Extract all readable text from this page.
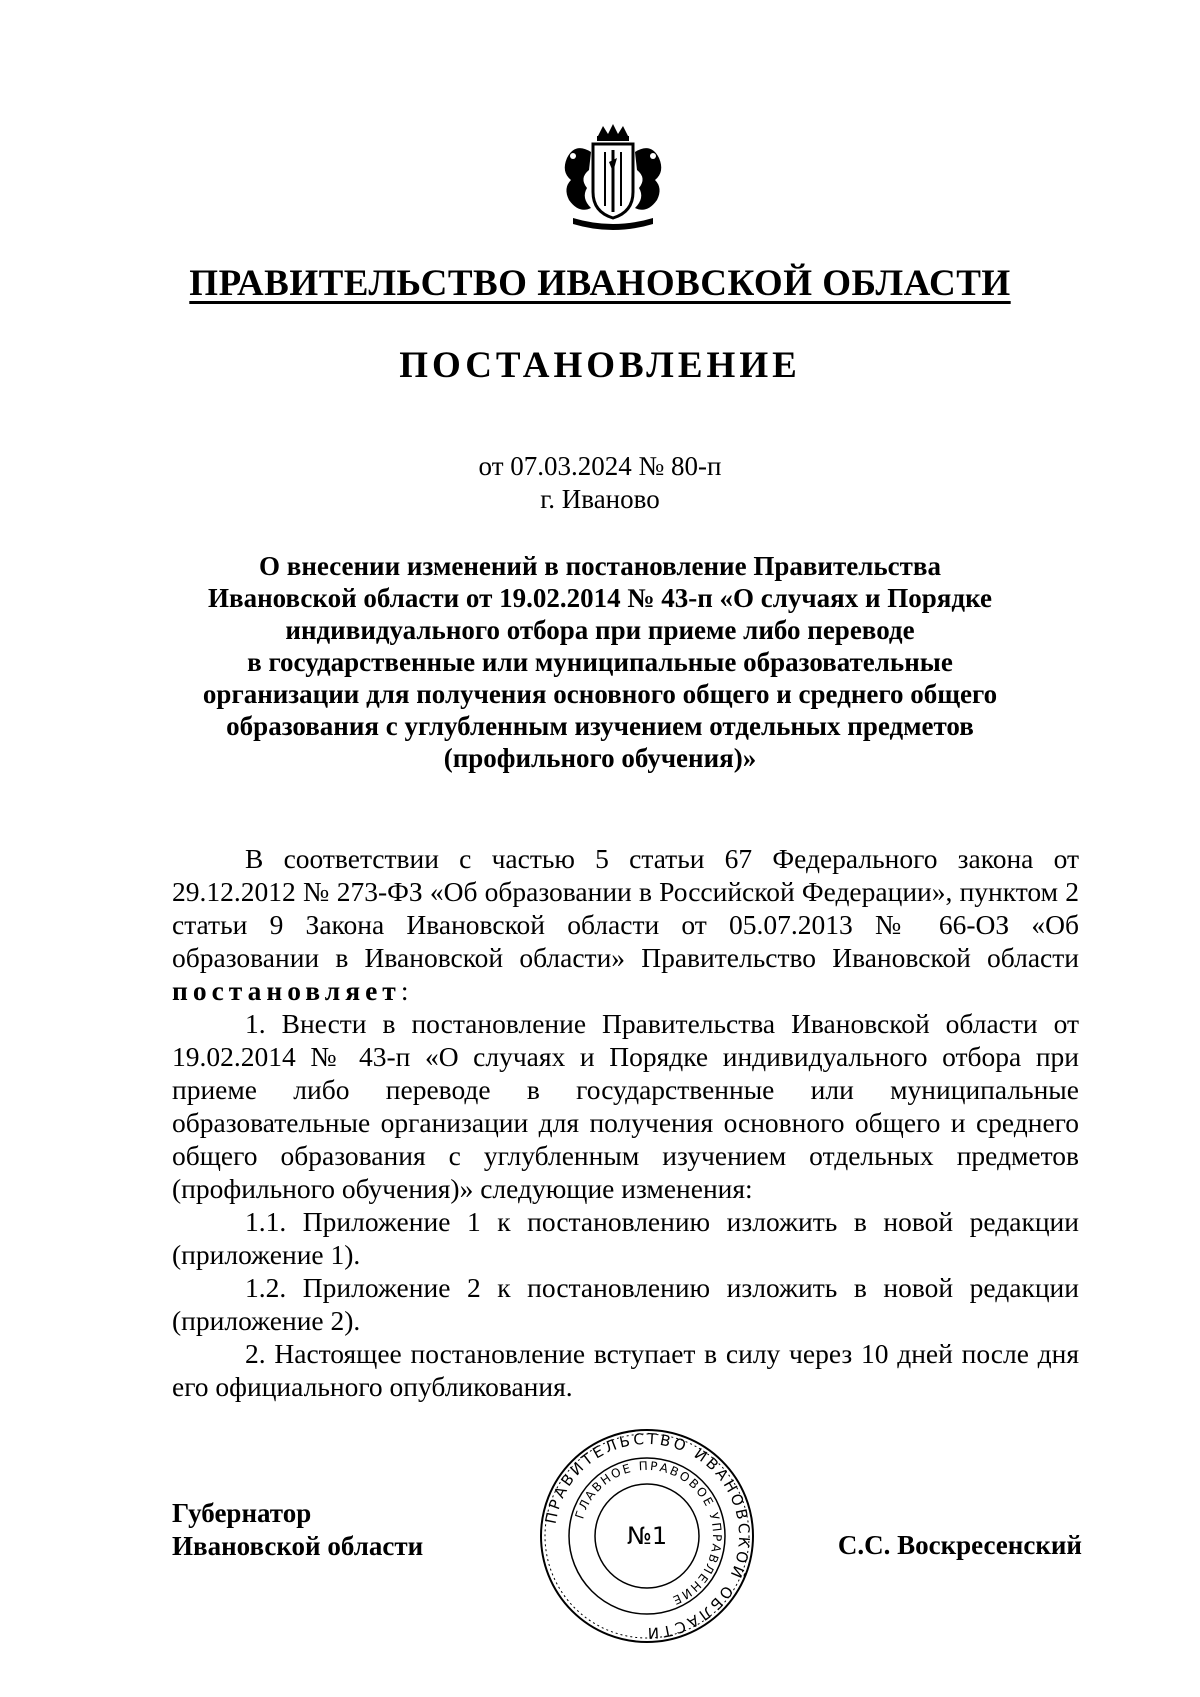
ПРАВИТЕЛЬСТВО ИВАНОВСКОЙ ОБЛАСТИ
ПОСТАНОВЛЕНИЕ
от 07.03.2024 № 80-п
г. Иваново
О внесении изменений в постановление Правительства
Ивановской области от 19.02.2014 № 43-п «О случаях и Порядке
индивидуального отбора при приеме либо переводе
в государственные или муниципальные образовательные
организации для получения основного общего и среднего общего
образования с углубленным изучением отдельных предметов
(профильного обучения)»

В соответствии с частью 5 статьи 67 Федерального закона от 29.12.2012 № 273-ФЗ «Об образовании в Российской Федерации», пунктом 2 статьи 9 Закона Ивановской области от 05.07.2013 № 66-ОЗ «Об образовании в Ивановской области» Правительство Ивановской области постановляет:

1. Внести в постановление Правительства Ивановской области от 19.02.2014 № 43-п «О случаях и Порядке индивидуального отбора при приеме либо переводе в государственные или муниципальные образовательные организации для получения основного общего и среднего общего образования с углубленным изучением отдельных предметов (профильного обучения)» следующие изменения:

1.1. Приложение 1 к постановлению изложить в новой редакции (приложение 1).

1.2. Приложение 2 к постановлению изложить в новой редакции (приложение 2).

2. Настоящее постановление вступает в силу через 10 дней после дня его официального опубликования.

Губернатор
Ивановской области	С.С. Воскресенский
ПРАВИТЕЛЬСТВО ИВАНОВСКОЙ ОБЛАСТИ
ГЛАВНОЕ ПРАВОВОЕ УПРАВЛЕНИЕ
№1
